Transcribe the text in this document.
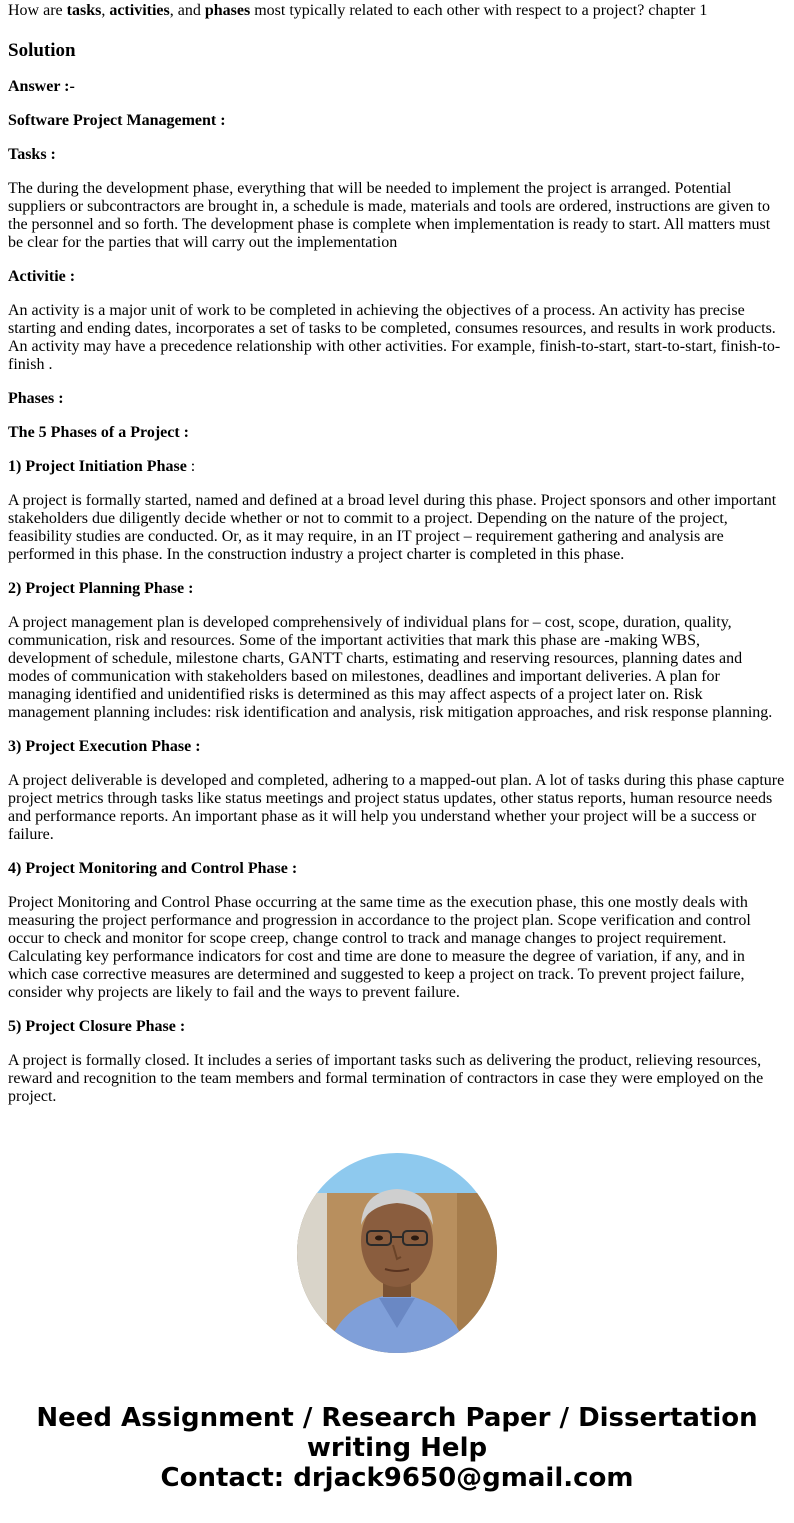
How are tasks, activities, and phases most typically related to each other with respect to a project? chapter 1

Solution

Answer :-

Software Project Management :

Tasks :

The during the development phase, everything that will be needed to implement the project is arranged. Potential suppliers or subcontractors are brought in, a schedule is made, materials and tools are ordered, instructions are given to the personnel and so forth. The development phase is complete when implementation is ready to start. All matters must be clear for the parties that will carry out the implementation

Activitie :

An activity is a major unit of work to be completed in achieving the objectives of a process. An activity has precise starting and ending dates, incorporates a set of tasks to be completed, consumes resources, and results in work products. An activity may have a precedence relationship with other activities. For example, finish-to-start, start-to-start, finish-to-finish .

Phases :

The 5 Phases of a Project :

1) Project Initiation Phase :

A project is formally started, named and defined at a broad level during this phase. Project sponsors and other important stakeholders due diligently decide whether or not to commit to a project. Depending on the nature of the project, feasibility studies are conducted. Or, as it may require, in an IT project – requirement gathering and analysis are performed in this phase. In the construction industry a project charter is completed in this phase.

2) Project Planning Phase :

A project management plan is developed comprehensively of individual plans for – cost, scope, duration, quality, communication, risk and resources. Some of the important activities that mark this phase are -making WBS, development of schedule, milestone charts, GANTT charts, estimating and reserving resources, planning dates and modes of communication with stakeholders based on milestones, deadlines and important deliveries. A plan for managing identified and unidentified risks is determined as this may affect aspects of a project later on. Risk management planning includes: risk identification and analysis, risk mitigation approaches, and risk response planning.

3) Project Execution Phase :

A project deliverable is developed and completed, adhering to a mapped-out plan. A lot of tasks during this phase capture project metrics through tasks like status meetings and project status updates, other status reports, human resource needs and performance reports. An important phase as it will help you understand whether your project will be a success or failure.

4) Project Monitoring and Control Phase :

Project Monitoring and Control Phase occurring at the same time as the execution phase, this one mostly deals with measuring the project performance and progression in accordance to the project plan. Scope verification and control occur to check and monitor for scope creep, change control to track and manage changes to project requirement. Calculating key performance indicators for cost and time are done to measure the degree of variation, if any, and in which case corrective measures are determined and suggested to keep a project on track. To prevent project failure, consider why projects are likely to fail and the ways to prevent failure.

5) Project Closure Phase :

A project is formally closed. It includes a series of important tasks such as delivering the product, relieving resources, reward and recognition to the team members and formal termination of contractors in case they were employed on the project.

Need Assignment / Research Paper / Dissertation
writing Help
Contact: drjack9650@gmail.com
